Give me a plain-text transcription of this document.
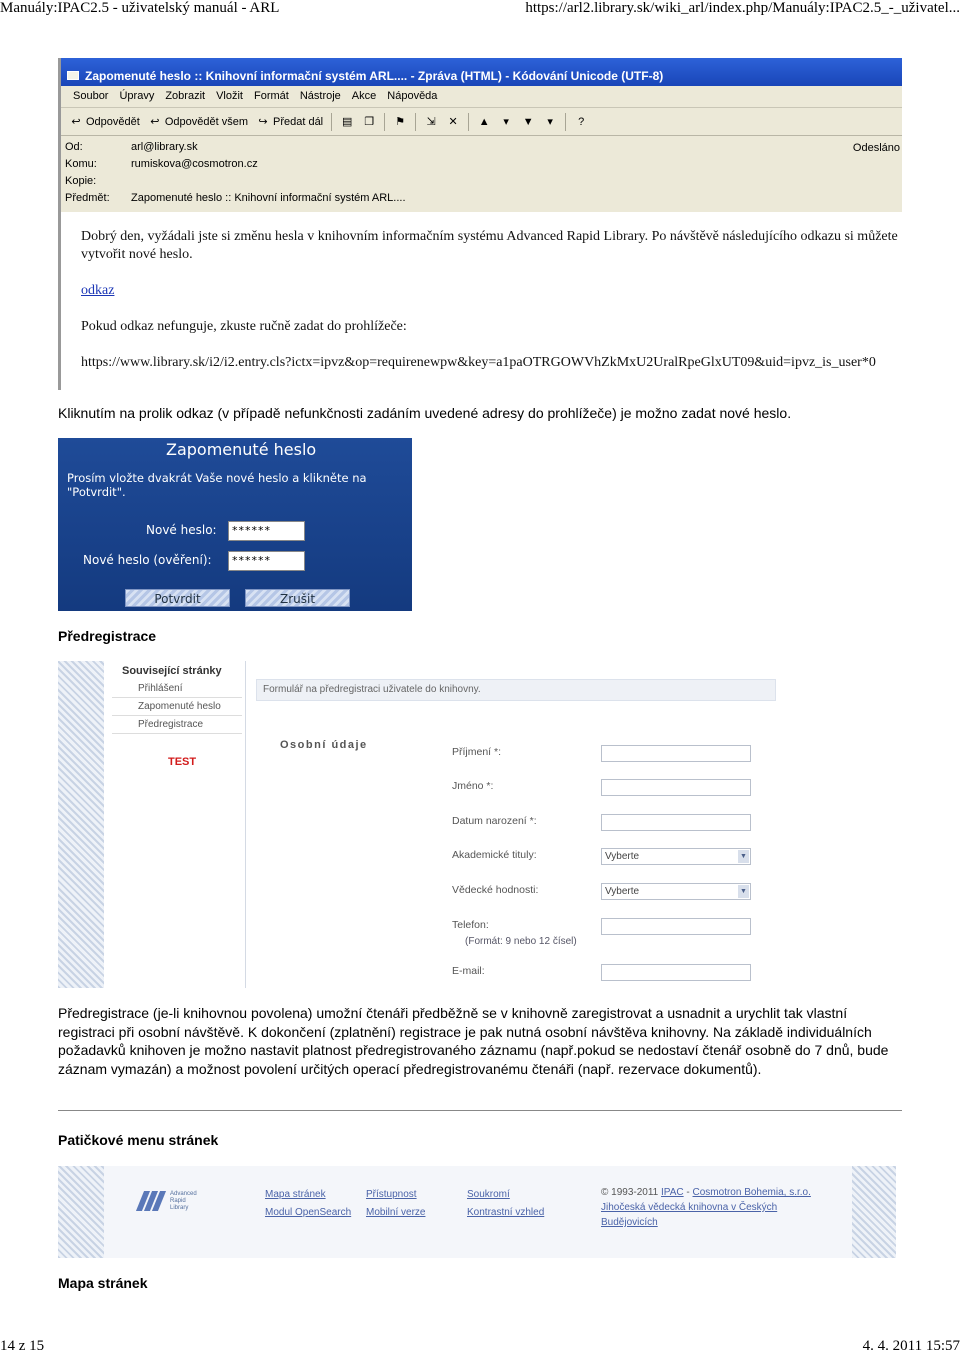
Manuály:IPAC2.5 - uživatelský manuál - ARL	https://arl2.library.sk/wiki_arl/index.php/Manuály:IPAC2.5_-_uživatel...
Zapomenuté heslo :: Knihovní informační systém ARL.... - Zpráva (HTML) - Kódování Unicode (UTF-8)
Soubor Úpravy Zobrazit Vložit Formát Nástroje Akce Nápověda
↩ Odpovědět ↩ Odpovědět všem ↪ Předat dál ▤ ❐ ⚑ ⇲ ✕ ▲	▾	▼	▾	?
Od:	arl@library.sk
Komu:	rumiskova@cosmotron.cz
Kopie:
Předmět:	Zapomenuté heslo :: Knihovní informační systém ARL....
Odesláno

Dobrý den, vyžádali jste si změnu hesla v knihovním informačním systému Advanced Rapid Library. Po návštěvě následujícího odkazu si můžete vytvořit nové heslo.

odkaz

Pokud odkaz nefunguje, zkuste ručně zadat do prohlížeče:

https://www.library.sk/i2/i2.entry.cls?ictx=ipvz&op=requirenewpw&key=a1paOTRGOWVhZkMxU2UralRpeGlxUT09&uid=ipvz_is_user*0

Kliknutím na prolik odkaz (v případě nefunkčnosti zadáním uvedené adresy do prohlížeče) je možno zadat nové heslo.
Zapomenuté heslo
Prosím vložte dvakrát Vaše nové heslo a klikněte na "Potvrdit".
Nové heslo:	******
Nové heslo (ověření):	******
Potvrdit	Zrušit
Předregistrace
Související stránky
Přihlášení
Zapomenuté heslo
Předregistrace
TEST
Formulář na předregistraci uživatele do knihovny.
Osobní údaje
Příjmení *:
Jméno *:
Datum narození *:
Akademické tituly:	Vyberte ▼
Vědecké hodnosti:	Vyberte ▼
Telefon:
(Formát: 9 nebo 12 čísel)
E-mail:
Předregistrace (je-li knihovnou povolena) umožní čtenáři předběžně se v knihovně zaregistrovat a usnadnit a urychlit tak vlastní registraci při osobní návštěvě. K dokončení (zplatnění) registrace je pak nutná osobní návštěva knihovny. Na základě individuálních požadavků knihoven je možno nastavit platnost předregistrovaného záznamu (např.pokud se nedostaví čtenář osobně do 7 dnů, bude záznam vymazán) a možnost povolení určitých operací předregistrovanému čtenáři (např. rezervace dokumentů).
Patičkové menu stránek
Advanced
Rapid
Library
Mapa stránek
Modul OpenSearch
Přístupnost
Mobilní verze
Soukromí
Kontrastní vzhled
© 1993-2011 IPAC - Cosmotron Bohemia, s.r.o.
Jihočeská vědecká knihovna v Českých
Budějovicích
Mapa stránek
14 z 15	4. 4. 2011 15:57
